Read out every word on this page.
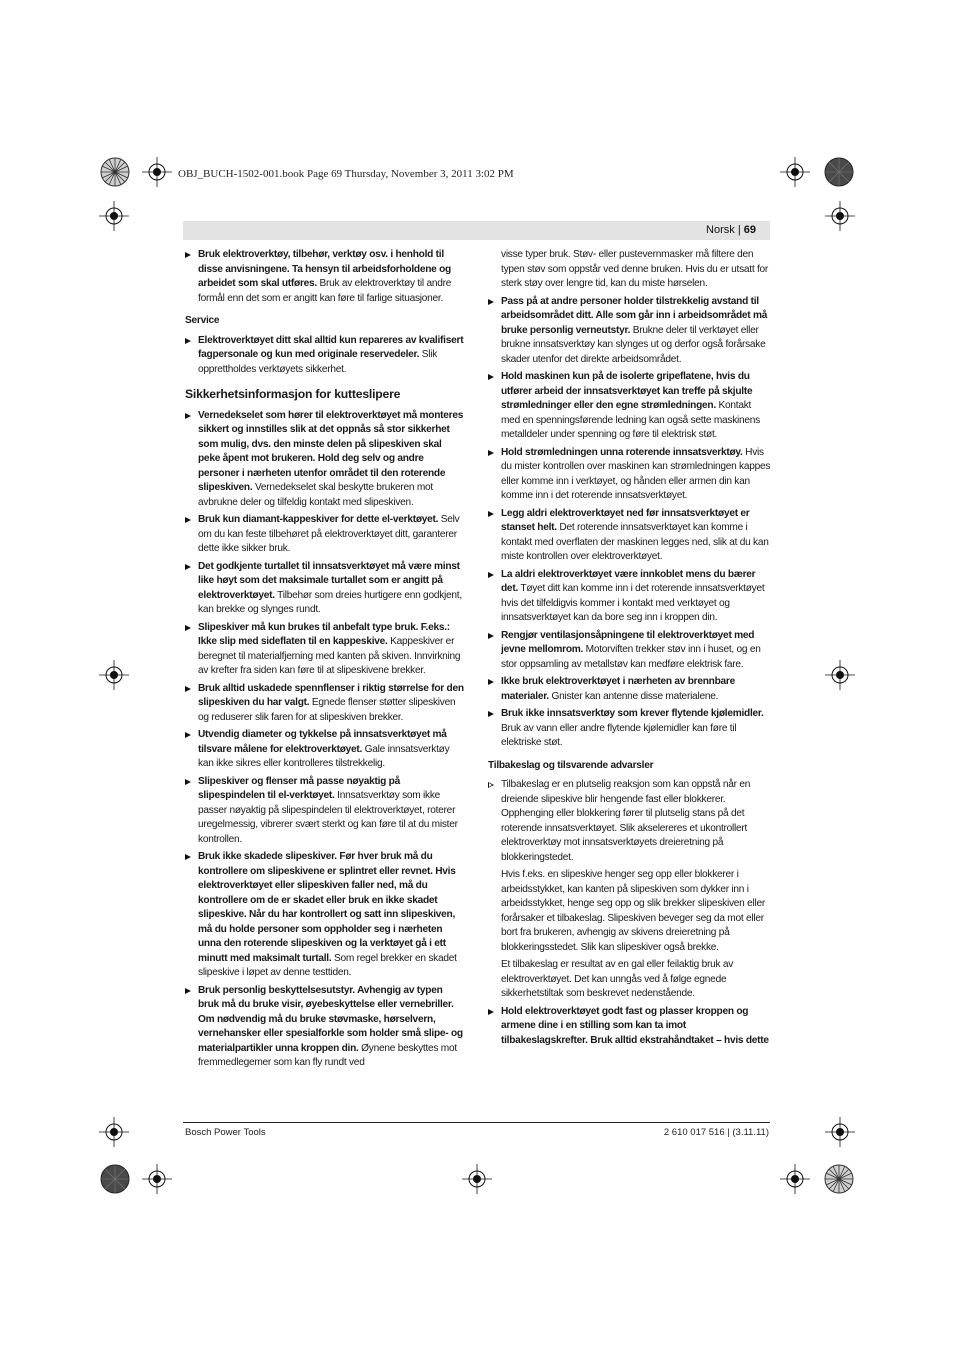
OBJ_BUCH-1502-001.book Page 69 Thursday, November 3, 2011 3:02 PM
Norsk | 69
Bruk elektroverktøy, tilbehør, verktøy osv. i henhold til disse anvisningene. Ta hensyn til arbeidsforholdene og arbeidet som skal utføres. Bruk av elektroverktøy til andre formål enn det som er angitt kan føre til farlige situasjoner.
Service
Elektroverktøyet ditt skal alltid kun repareres av kvalifisert fagpersonale og kun med originale reservedeler. Slik opprettholdes verktøyets sikkerhet.
Sikkerhetsinformasjon for kutteslipere
Vernedekselet som hører til elektroverktøyet må monteres sikkert og innstilles slik at det oppnås så stor sikkerhet som mulig, dvs. den minste delen på slipeskiven skal peke åpent mot brukeren. Hold deg selv og andre personer i nærheten utenfor området til den roterende slipeskiven. Vernedekselet skal beskytte brukeren mot avbrukne deler og tilfeldig kontakt med slipeskiven.
Bruk kun diamant-kappeskiver for dette el-verktøyet. Selv om du kan feste tilbehøret på elektroverktøyet ditt, garanterer dette ikke sikker bruk.
Det godkjente turtallet til innsatsverktøyet må være minst like høyt som det maksimale turtallet som er angitt på elektroverktøyet. Tilbehør som dreies hurtigere enn godkjent, kan brekke og slynges rundt.
Slipeskiver må kun brukes til anbefalt type bruk. F.eks.: Ikke slip med sideflaten til en kappeskive. Kappeskiver er beregnet til materialfjerning med kanten på skiven. Innvirkning av krefter fra siden kan føre til at slipeskivene brekker.
Bruk alltid uskadede spennflenser i riktig størrelse for den slipeskiven du har valgt. Egnede flenser støtter slipeskiven og reduserer slik faren for at slipeskiven brekker.
Utvendig diameter og tykkelse på innsatsverktøyet må tilsvare målene for elektroverktøyet. Gale innsatsverktøy kan ikke sikres eller kontrolleres tilstrekkelig.
Slipeskiver og flenser må passe nøyaktig på slipespindelen til el-verktøyet. Innsatsverktøy som ikke passer nøyaktig på slipespindelen til elektroverktøyet, roterer uregelmessig, vibrerer svært sterkt og kan føre til at du mister kontrollen.
Bruk ikke skadede slipeskiver. Før hver bruk må du kontrollere om slipeskivene er splintret eller revnet. Hvis elektroverktøyet eller slipeskiven faller ned, må du kontrollere om de er skadet eller bruk en ikke skadet slipeskive. Når du har kontrollert og satt inn slipeskiven, må du holde personer som oppholder seg i nærheten unna den roterende slipeskiven og la verktøyet gå i ett minutt med maksimalt turtall. Som regel brekker en skadet slipeskive i løpet av denne testtiden.
Bruk personlig beskyttelsesutstyr. Avhengig av typen bruk må du bruke visir, øyebeskyttelse eller vernebriller. Om nødvendig må du bruke støvmaske, hørselvern, vernehansker eller spesialforkle som holder små slipe- og materialpartikler unna kroppen din. Øynene beskyttes mot fremmedlegemer som kan fly rundt ved
visse typer bruk. Støv- eller pustevernmasker må filtere den typen støv som oppstår ved denne bruken. Hvis du er utsatt for sterk støy over lengre tid, kan du miste hørselen.
Pass på at andre personer holder tilstrekkelig avstand til arbeidsområdet ditt. Alle som går inn i arbeidsområdet må bruke personlig verneutstyr. Brukne deler til verktøyet eller brukne innsatsverktøy kan slynges ut og derfor også forårsake skader utenfor det direkte arbeidsområdet.
Hold maskinen kun på de isolerte gripeflatene, hvis du utfører arbeid der innsatsverktøyet kan treffe på skjulte strømledninger eller den egne strømledningen. Kontakt med en spenningsførende ledning kan også sette maskinens metalldeler under spenning og føre til elektrisk støt.
Hold strømledningen unna roterende innsatsverktøy. Hvis du mister kontrollen over maskinen kan strømledningen kappes eller komme inn i verktøyet, og hånden eller armen din kan komme inn i det roterende innsatsverktøyet.
Legg aldri elektroverktøyet ned før innsatsverktøyet er stanset helt. Det roterende innsatsverktøyet kan komme i kontakt med overflaten der maskinen legges ned, slik at du kan miste kontrollen over elektroverktøyet.
La aldri elektroverktøyet være innkoblet mens du bærer det. Tøyet ditt kan komme inn i det roterende innsatsverktøyet hvis det tilfeldigvis kommer i kontakt med verktøyet og innsatsverktøyet kan da bore seg inn i kroppen din.
Rengjør ventilasjonsåpningene til elektroverktøyet med jevne mellomrom. Motorviften trekker støv inn i huset, og en stor oppsamling av metallstøv kan medføre elektrisk fare.
Ikke bruk elektroverktøyet i nærheten av brennbare materialer. Gnister kan antenne disse materialene.
Bruk ikke innsatsverktøy som krever flytende kjølemidler. Bruk av vann eller andre flytende kjølemidler kan føre til elektriske støt.
Tilbakeslag og tilsvarende advarsler
Tilbakeslag er en plutselig reaksjon som kan oppstå når en dreiende slipeskive blir hengende fast eller blokkerer. Opphenging eller blokkering fører til plutselig stans på det roterende innsatsverktøyet. Slik akselereres et ukontrollert elektroverktøy mot innsatsverktøyets dreieretning på blokkeringstedet.
Hvis f.eks. en slipeskive henger seg opp eller blokkerer i arbeidsstykket, kan kanten på slipeskiven som dykker inn i arbeidsstykket, henge seg opp og slik brekker slipeskiven eller forårsaker et tilbakeslag. Slipeskiven beveger seg da mot eller bort fra brukeren, avhengig av skivens dreieretning på blokkeringsstedet. Slik kan slipeskiver også brekke.
Et tilbakeslag er resultat av en gal eller feilaktig bruk av elektroverktøyet. Det kan unngås ved å følge egnede sikkerhetstiltak som beskrevet nedenstående.
Hold elektroverktøyet godt fast og plasser kroppen og armene dine i en stilling som kan ta imot tilbakeslagskrefter. Bruk alltid ekstrahåndtaket – hvis dette
Bosch Power Tools	2 610 017 516 | (3.11.11)
